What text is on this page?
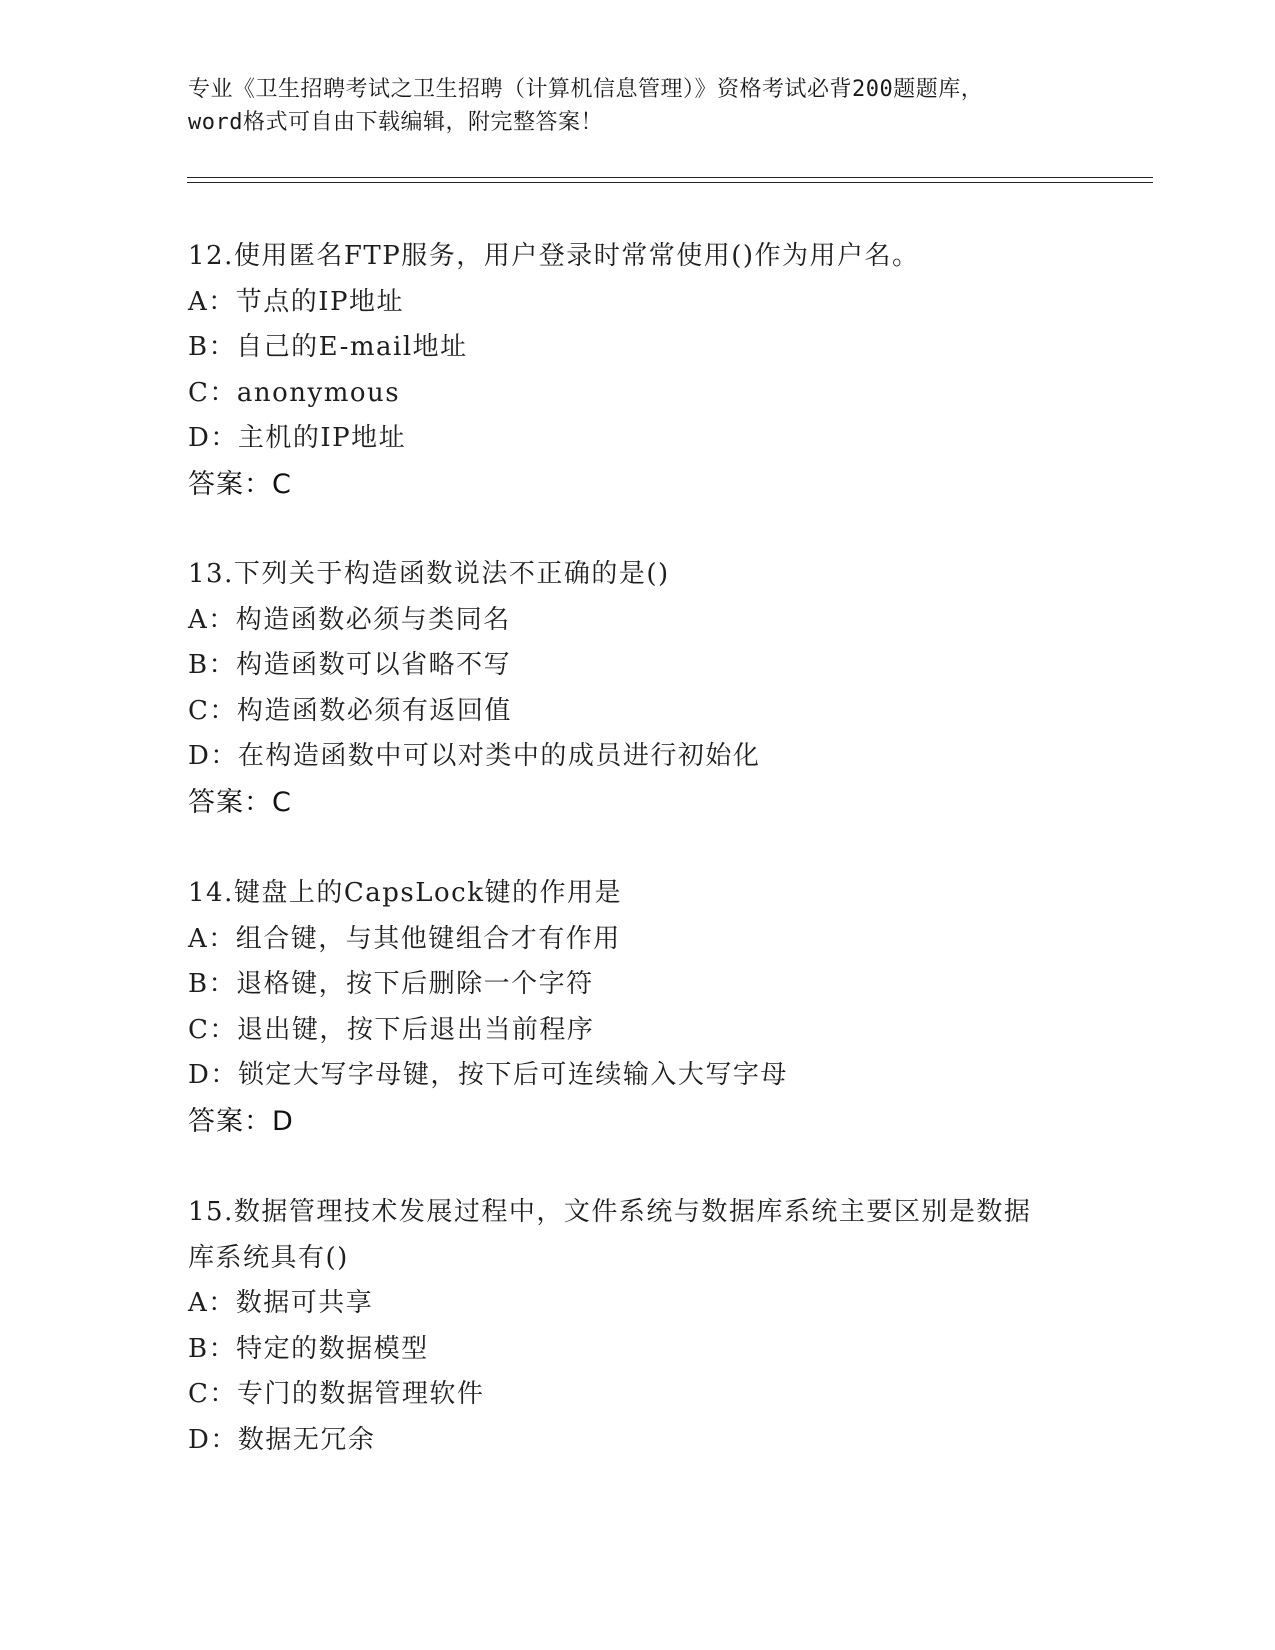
专业《卫生招聘考试之卫生招聘（计算机信息管理）》资格考试必背200题题库，
word格式可自由下载编辑，附完整答案！
12.使用匿名FTP服务，用户登录时常常使用()作为用户名。
A：节点的IP地址
B：自己的E-mail地址
C：anonymous
D：主机的IP地址
答案：C
13.下列关于构造函数说法不正确的是()
A：构造函数必须与类同名
B：构造函数可以省略不写
C：构造函数必须有返回值
D：在构造函数中可以对类中的成员进行初始化
答案：C
14.键盘上的CapsLock键的作用是
A：组合键，与其他键组合才有作用
B：退格键，按下后删除一个字符
C：退出键，按下后退出当前程序
D：锁定大写字母键，按下后可连续输入大写字母
答案：D
15.数据管理技术发展过程中，文件系统与数据库系统主要区别是数据
库系统具有()
A：数据可共享
B：特定的数据模型
C：专门的数据管理软件
D：数据无冗余
